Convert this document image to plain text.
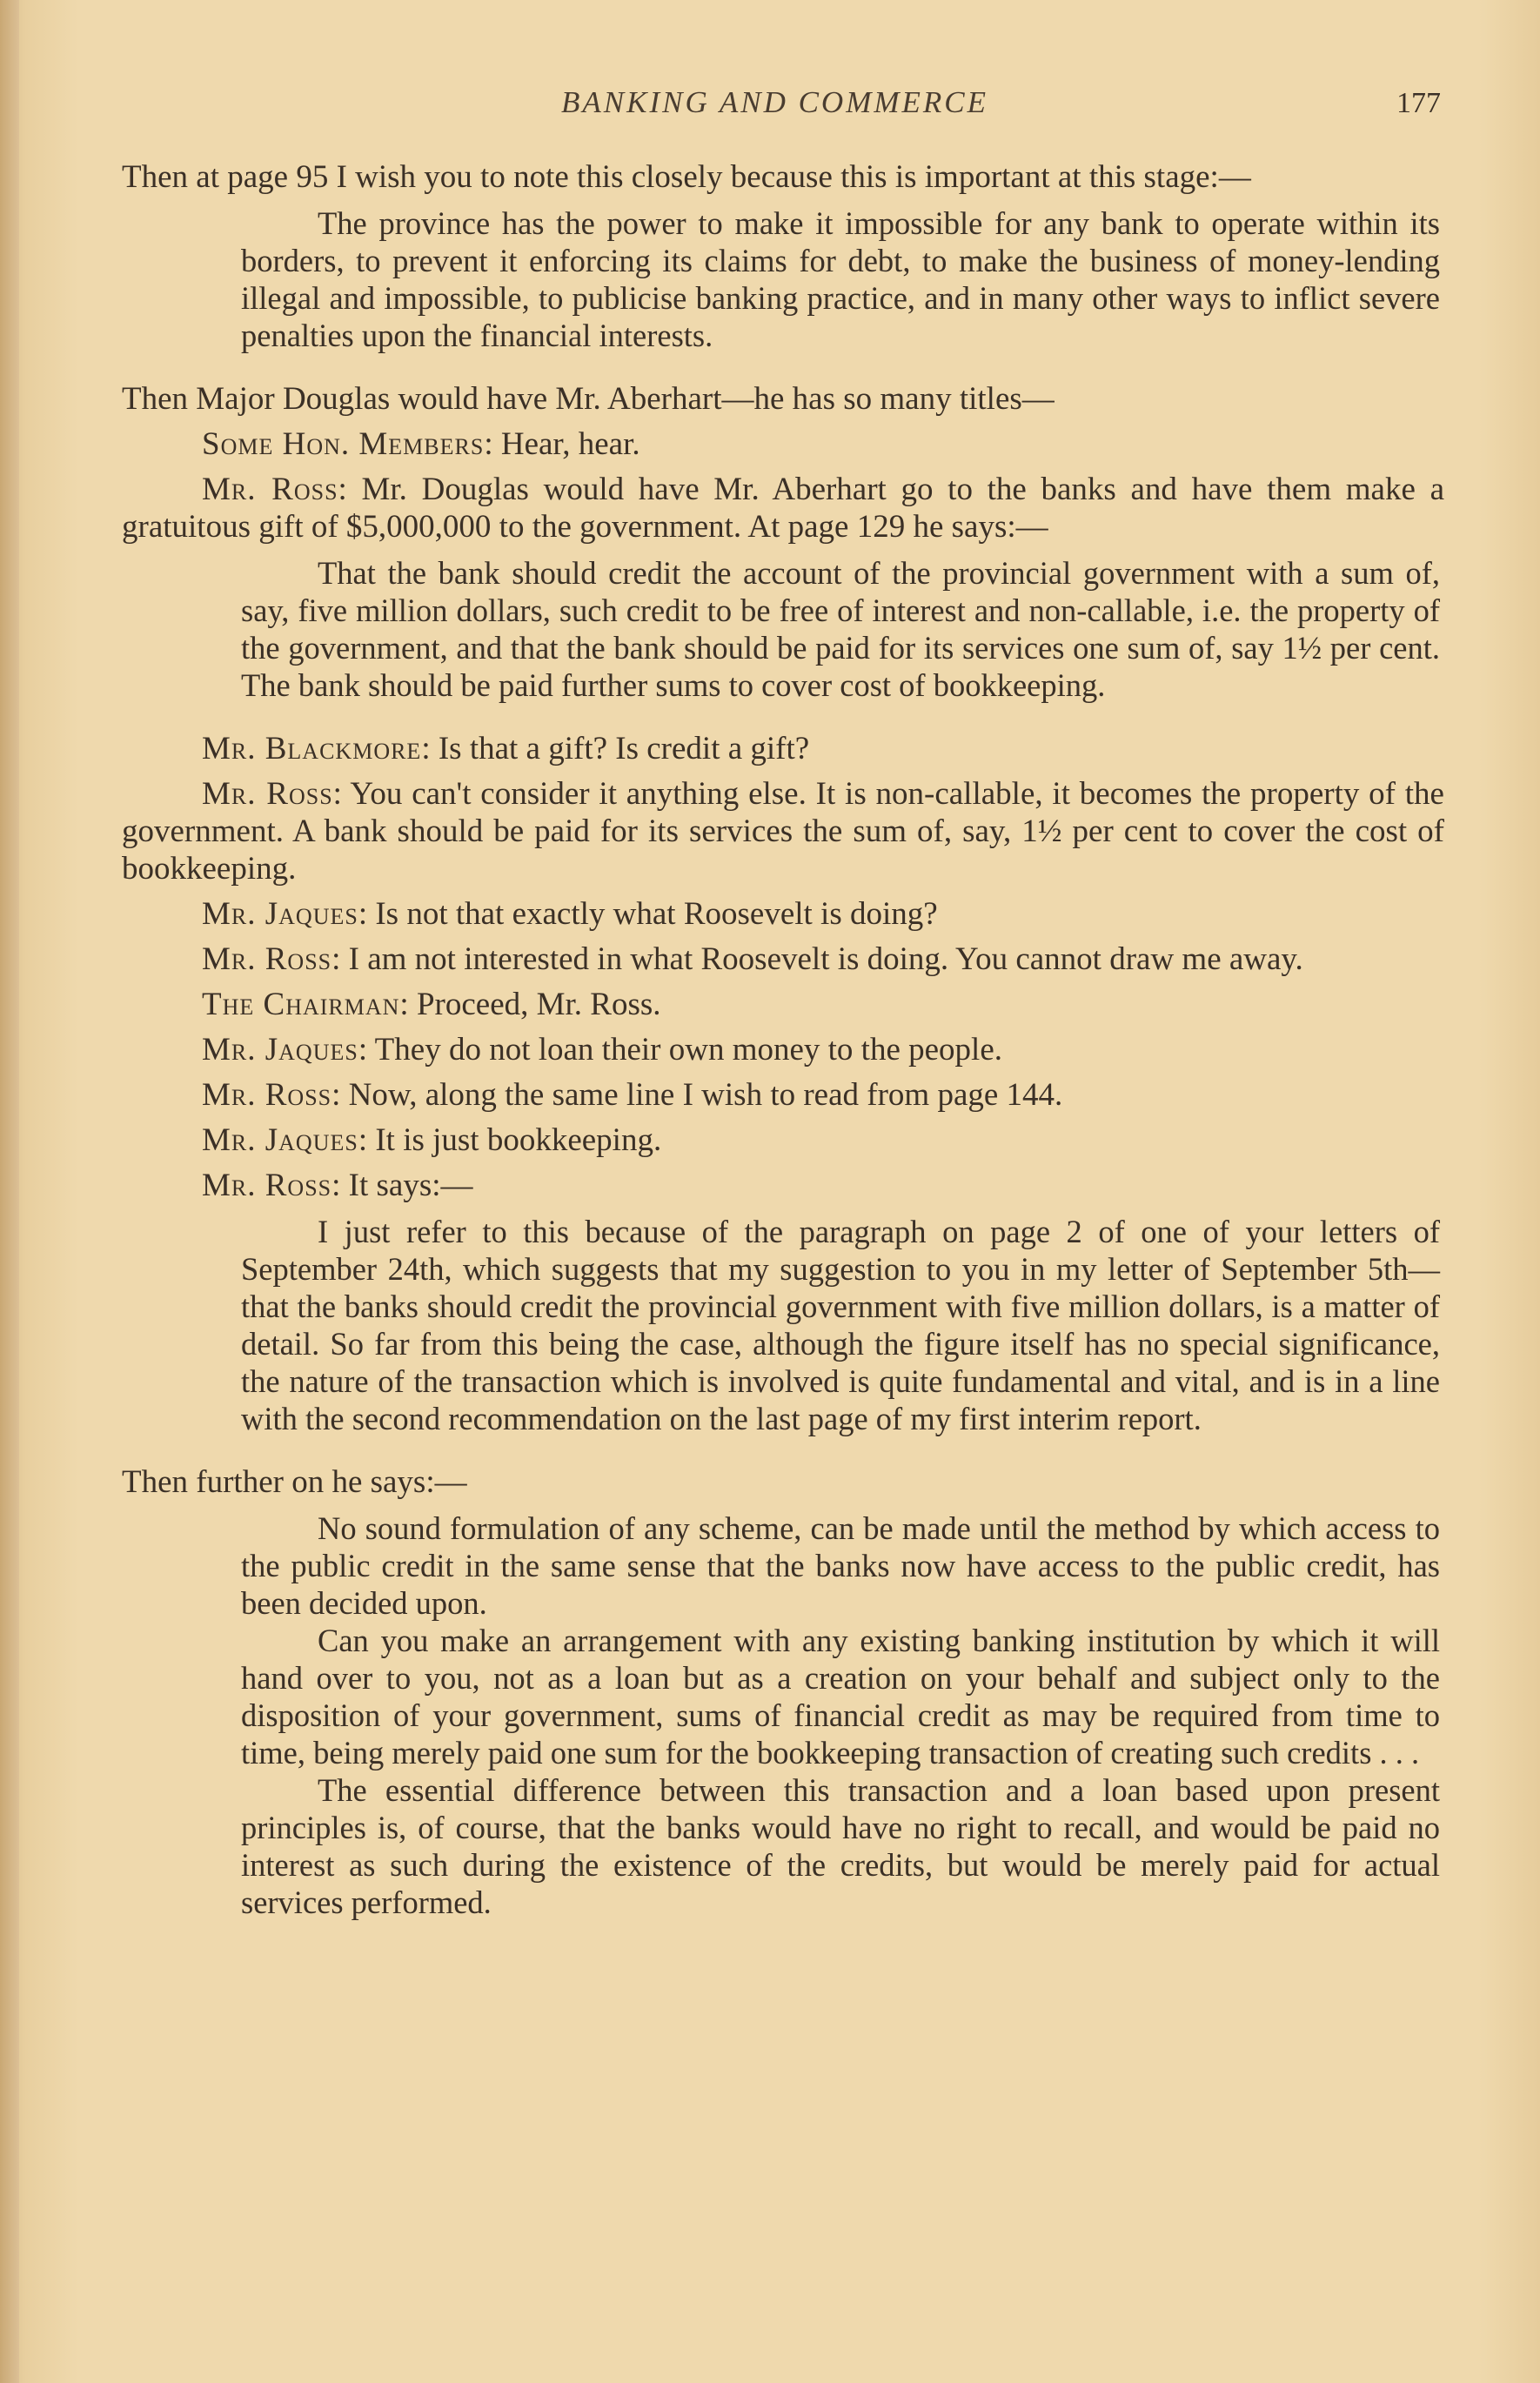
BANKING AND COMMERCE	177

Then at page 95 I wish you to note this closely because this is important at this stage:—

The province has the power to make it impossible for any bank to operate within its borders, to prevent it enforcing its claims for debt, to make the business of money-lending illegal and impossible, to publicise banking practice, and in many other ways to inflict severe penalties upon the financial interests.

Then Major Douglas would have Mr. Aberhart—he has so many titles—

Some Hon. Members: Hear, hear.

Mr. Ross: Mr. Douglas would have Mr. Aberhart go to the banks and have them make a gratuitous gift of $5,000,000 to the government. At page 129 he says:—

That the bank should credit the account of the provincial government with a sum of, say, five million dollars, such credit to be free of interest and non-callable, i.e. the property of the government, and that the bank should be paid for its services one sum of, say 1½ per cent. The bank should be paid further sums to cover cost of bookkeeping.

Mr. Blackmore: Is that a gift? Is credit a gift?

Mr. Ross: You can't consider it anything else. It is non-callable, it becomes the property of the government. A bank should be paid for its services the sum of, say, 1½ per cent to cover the cost of bookkeeping.

Mr. Jaques: Is not that exactly what Roosevelt is doing?

Mr. Ross: I am not interested in what Roosevelt is doing. You cannot draw me away.

The Chairman: Proceed, Mr. Ross.

Mr. Jaques: They do not loan their own money to the people.

Mr. Ross: Now, along the same line I wish to read from page 144.

Mr. Jaques: It is just bookkeeping.

Mr. Ross: It says:—

I just refer to this because of the paragraph on page 2 of one of your letters of September 24th, which suggests that my suggestion to you in my letter of September 5th—that the banks should credit the provincial government with five million dollars, is a matter of detail. So far from this being the case, although the figure itself has no special significance, the nature of the transaction which is involved is quite fundamental and vital, and is in a line with the second recommendation on the last page of my first interim report.

Then further on he says:—

No sound formulation of any scheme, can be made until the method by which access to the public credit in the same sense that the banks now have access to the public credit, has been decided upon.

Can you make an arrangement with any existing banking institution by which it will hand over to you, not as a loan but as a creation on your behalf and subject only to the disposition of your government, sums of financial credit as may be required from time to time, being merely paid one sum for the bookkeeping transaction of creating such credits . . .

The essential difference between this transaction and a loan based upon present principles is, of course, that the banks would have no right to recall, and would be paid no interest as such during the existence of the credits, but would be merely paid for actual services performed.
